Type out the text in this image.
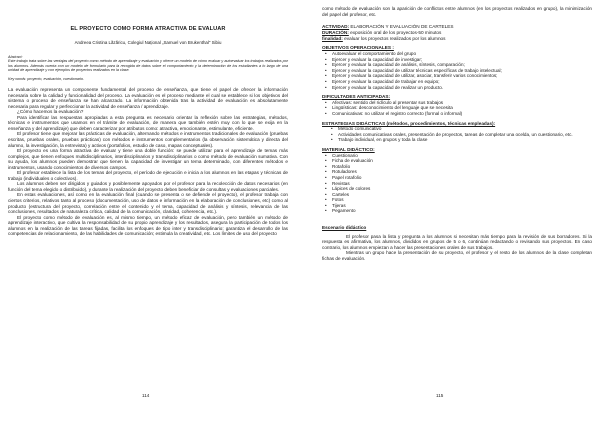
EL PROYECTO COMO FORMA ATRACTIVA DE EVALUAR
Andreea Cristina Lăzăricu, Colegiul Național „Samuel von Brukenthal" Sibiu
Abstract:
Este trabajo trata sobre las ventajas del proyecto como método de aprendizaje y evaluación y ofrece un modelo de cómo evaluar y autoevaluar los trabajos realizados por los alumnos. Además cuenta con un modelo de formulario para la recogida de datos sobre el comportamiento y la determinación de los estudiantes a lo largo de una unidad de aprendizaje y con ejemplos de proyectos realizados en la clase.
Key words: proyecto, evaluación, cuestionario.

La evaluación representa un componente fundamental del proceso de enseñanza, que tiene el papel de ofrecer la información necesaria sobre la calidad y funcionalidad del proceso. La evaluación es el proceso mediante el cual se establece si los objetivos del sistema o proceso de enseñanza se han alcanzado. La información obtenida tras la actividad de evaluación es absolutamente necesaria para regular y perfeccionar la actividad de enseñanza / aprendizaje.

¿Cómo hacemos la evaluación?

Para identificar las respuestas apropiadas a esta pregunta es necesario orientar la reflexión sobre las estrategias, métodos, técnicas e instrumentos que usamos en el trámite de evaluación, de manera que también estén muy con lo que se exija en la enseñanza y del aprendizaje) que deben caracterizar por atributos como: atractiva, emocionante, estimulante, eficiente.

El profesor tiene que mejorar las prácticas de evaluación, alternando métodos e instrumentos tradicionales de evaluación (pruebas escritas, pruebas orales, pruebas prácticas) con métodos e instrumentos complementarios (la observación sistemática y directa del alumno, la investigación, la entrevista) y activos (portafolios, estudio de caso, mapas conceptuales).

El proyecto es una forma atractiva de evaluar y tiene una doble función: se puede utilizar para el aprendizaje de temas más complejos, que tienen enfoques multidisciplinarios, interdisciplinarios y transdisciplinarios o como método de evaluación sumativa. Con su ayuda, los alumnos pueden demostrar que tienen la capacidad de investigar un tema determinado, con diferentes métodos e instrumentos, usando conocimientos de diversos campos.

El profesor establece la lista de los temas del proyecto, el período de ejecución e inicia a los alumnos en las etapas y técnicas de trabajo (individuales o colectivos).

Los alumnos deben ser dirigidos y guiados y posiblemente apoyados por el profesor para la recolección de datos necesarios (en función del tema elegido o distribuido), y durante la realización del proyecto deben beneficiar de consultas y evaluaciones parciales.

En estas evaluaciones, así como en la evaluación final (cuando se presenta o se defiende el proyecto), el profesor trabaja con ciertos criterios, relativos tanto al proceso (documentación, uso de datos e información en la elaboración de conclusiones, etc) como al producto (estructura del proyecto, correlación entre el contenido y el tema, capacidad de análisis y síntesis, relevancia de las conclusiones, resultados de naturaleza crítica, calidad de la comunicación, claridad, coherencia, etc.).

El proyecto como método de evaluación es, al mismo tiempo, un método eficaz de evaluación, pero también un método de aprendizaje interactivo, que cultiva la responsabilidad de su propio aprendizaje y los resultados, asegura la participación de todos los alumnos en la realización de las tareas fijadas, facilita los enfoques de tipo inter y transdisciplinario; garantiza el desarrollo de las competencias de relacionamiento, de las habilidades de comunicación; estimula la creatividad, etc. Los límites de uso del proyecto

114

como método de evaluación son la aparición de conflictos entre alumnos (en los proyectos realizados en grupo), la minimización del papel del profesor, etc.

ACTIVIDAD: ELABORACIÓN Y EVALUACIÓN DE CARTELES
DURACIÓN: exposición oral de los proyectos-50 minutos
finalidad: evaluar los proyectos realizados por los alumnos
OBJETIVOS OPERACIONALES :
• Autoevaluar el comportamiento del grupo
• Ejercer y evaluar la capacidad de investigar;
• Ejercer y evaluar la capacidad de análisis, síntesis, comparación;
• Ejercer y evaluar la capacidad de utilizar técnicas específicas de trabajo intelectual;
• Ejercer y evaluar la capacidad de utilizar, asociar, transferir varios conocimientos;
• Ejercer y evaluar la capacidad de trabajar en equipo;
• Ejercer y evaluar la capacidad de realizar un producto.
DIFICULTADES ANTICIPADAS:
• Afectivas: sentido del ridículo al presentar sus trabajos
• Lingüísticas: desconocimiento del lenguaje que se necesita
• Comunicativas: no utilizar el registro correcto (formal o informal)
ESTRATEGIAS DIDÁCTICAS (métodos, procedimientos, técnicas empleadas):
• Método comunicativo
• Actividades comunicativas orales, presentación de proyectos, tareas de completar una ocelda, un cuestionario, etc.
• Trabajo individual, en grupos y toda la clase
MATERIAL DIDÁCTICO:
• Cuestionario
• Ficha de evaluación
• Rotafolio
• Rotuladores
• Papel rotafolio
• Revistas
• Lápices de colores
• Carteles
• Fotos
• Tijeras
• Pegamento
Escenario didáctico

El profesor pasa la lista y pregunta a los alumnos si necesitan más tiempo para la revisión de sus borradores. Si la respuesta es afirmativa, los alumnos, divididos en grupos de 5 o 6, continúan redactando o revisando sus proyectos. En caso contrario, los alumnos empiezan a hacer las presentaciones orales de sus trabajos.

Mientras un grupo hace la presentación de su proyecto, el profesor y el resto de los alumnos de la clase completan fichas de evaluación.

115
